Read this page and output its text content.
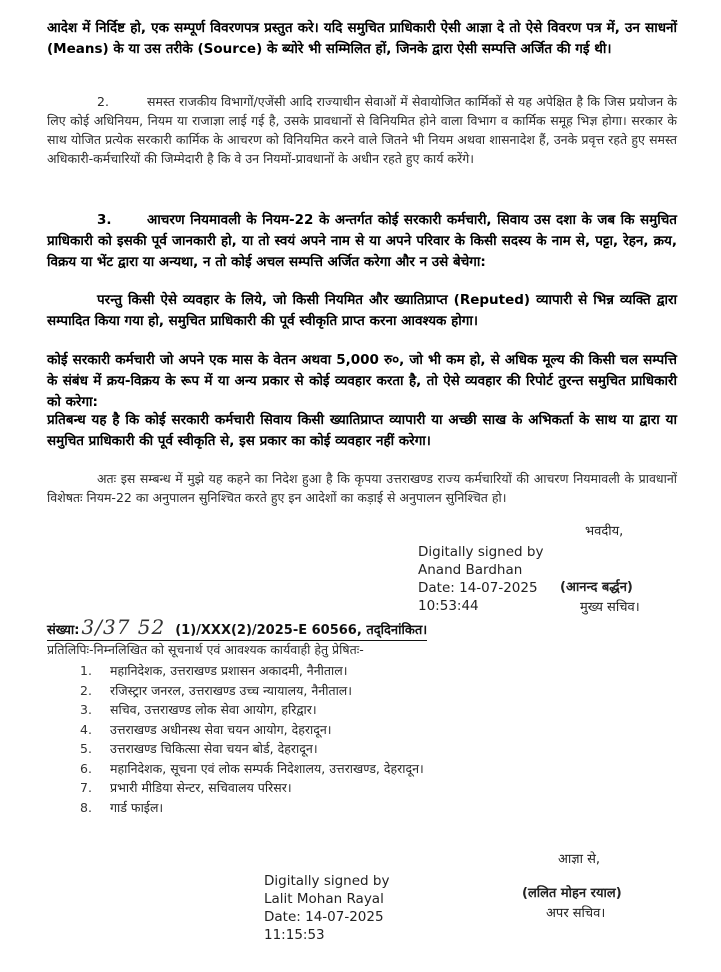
आदेश में निर्दिष्ट हो, एक सम्पूर्ण विवरणपत्र प्रस्तुत करे। यदि समुचित प्राधिकारी ऐसी आज्ञा दे तो ऐसे विवरण पत्र में, उन साधनों (Means) के या उस तरीके (Source) के ब्योरे भी सम्मिलित हों, जिनके द्वारा ऐसी सम्पत्ति अर्जित की गई थी।

2.	समस्त राजकीय विभागों/एजेंसी आदि राज्याधीन सेवाओं में सेवायोजित कार्मिकों से यह अपेक्षित है कि जिस प्रयोजन के लिए कोई अधिनियम, नियम या राजाज्ञा लाई गई है, उसके प्रावधानों से विनियमित होने वाला विभाग व कार्मिक समूह भिज्ञ होगा। सरकार के साथ योजित प्रत्येक सरकारी कार्मिक के आचरण को विनियमित करने वाले जितने भी नियम अथवा शासनादेश हैं, उनके प्रवृत्त रहते हुए समस्त अधिकारी-कर्मचारियों की जिम्मेदारी है कि वे उन नियमों-प्रावधानों के अधीन रहते हुए कार्य करेंगे।

3.	आचरण नियमावली के नियम-22 के अन्तर्गत कोई सरकारी कर्मचारी, सिवाय उस दशा के जब कि समुचित प्राधिकारी को इसकी पूर्व जानकारी हो, या तो स्वयं अपने नाम से या अपने परिवार के किसी सदस्य के नाम से, पट्टा, रेहन, क्रय, विक्रय या भेंट द्वारा या अन्यथा, न तो कोई अचल सम्पत्ति अर्जित करेगा और न उसे बेचेगा:

परन्तु किसी ऐसे व्यवहार के लिये, जो किसी नियमित और ख्यातिप्राप्त (Reputed) व्यापारी से भिन्न व्यक्ति द्वारा सम्पादित किया गया हो, समुचित प्राधिकारी की पूर्व स्वीकृति प्राप्त करना आवश्यक होगा।

कोई सरकारी कर्मचारी जो अपने एक मास के वेतन अथवा 5,000 रु०, जो भी कम हो, से अधिक मूल्य की किसी चल सम्पत्ति के संबंध में क्रय-विक्रय के रूप में या अन्य प्रकार से कोई व्यवहार करता है, तो ऐसे व्यवहार की रिपोर्ट तुरन्त समुचित प्राधिकारी को करेगा:

प्रतिबन्ध यह है कि कोई सरकारी कर्मचारी सिवाय किसी ख्यातिप्राप्त व्यापारी या अच्छी साख के अभिकर्ता के साथ या द्वारा या समुचित प्राधिकारी की पूर्व स्वीकृति से, इस प्रकार का कोई व्यवहार नहीं करेगा।

अतः इस सम्बन्ध में मुझे यह कहने का निदेश हुआ है कि कृपया उत्तराखण्ड राज्य कर्मचारियों की आचरण नियमावली के प्रावधानों विशेषतः नियम-22 का अनुपालन सुनिश्चित करते हुए इन आदेशों का कड़ाई से अनुपालन सुनिश्चित हो।

भवदीय,
Digitally signed by
Anand Bardhan
Date: 14-07-2025
10:53:44
(आनन्द बर्द्धन)
मुख्य सचिव।
संख्या: 3/37 52 (1)/XXX(2)/2025-E 60566, तद्‌दिनांकित।
प्रतिलिपिः-निम्नलिखित को सूचनार्थ एवं आवश्यक कार्यवाही हेतु प्रेषितः-
1.	महानिदेशक, उत्तराखण्ड प्रशासन अकादमी, नैनीताल।
2.	रजिस्ट्रार जनरल, उत्तराखण्ड उच्च न्यायालय, नैनीताल।
3.	सचिव, उत्तराखण्ड लोक सेवा आयोग, हरिद्वार।
4.	उत्तराखण्ड अधीनस्थ सेवा चयन आयोग, देहरादून।
5.	उत्तराखण्ड चिकित्सा सेवा चयन बोर्ड, देहरादून।
6.	महानिदेशक, सूचना एवं लोक सम्पर्क निदेशालय, उत्तराखण्ड, देहरादून।
7.	प्रभारी मीडिया सेन्टर, सचिवालय परिसर।
8.	गार्ड फाईल।
आज्ञा से,
Digitally signed by
Lalit Mohan Rayal
Date: 14-07-2025
11:15:53
(ललित मोहन रयाल)
अपर सचिव।
